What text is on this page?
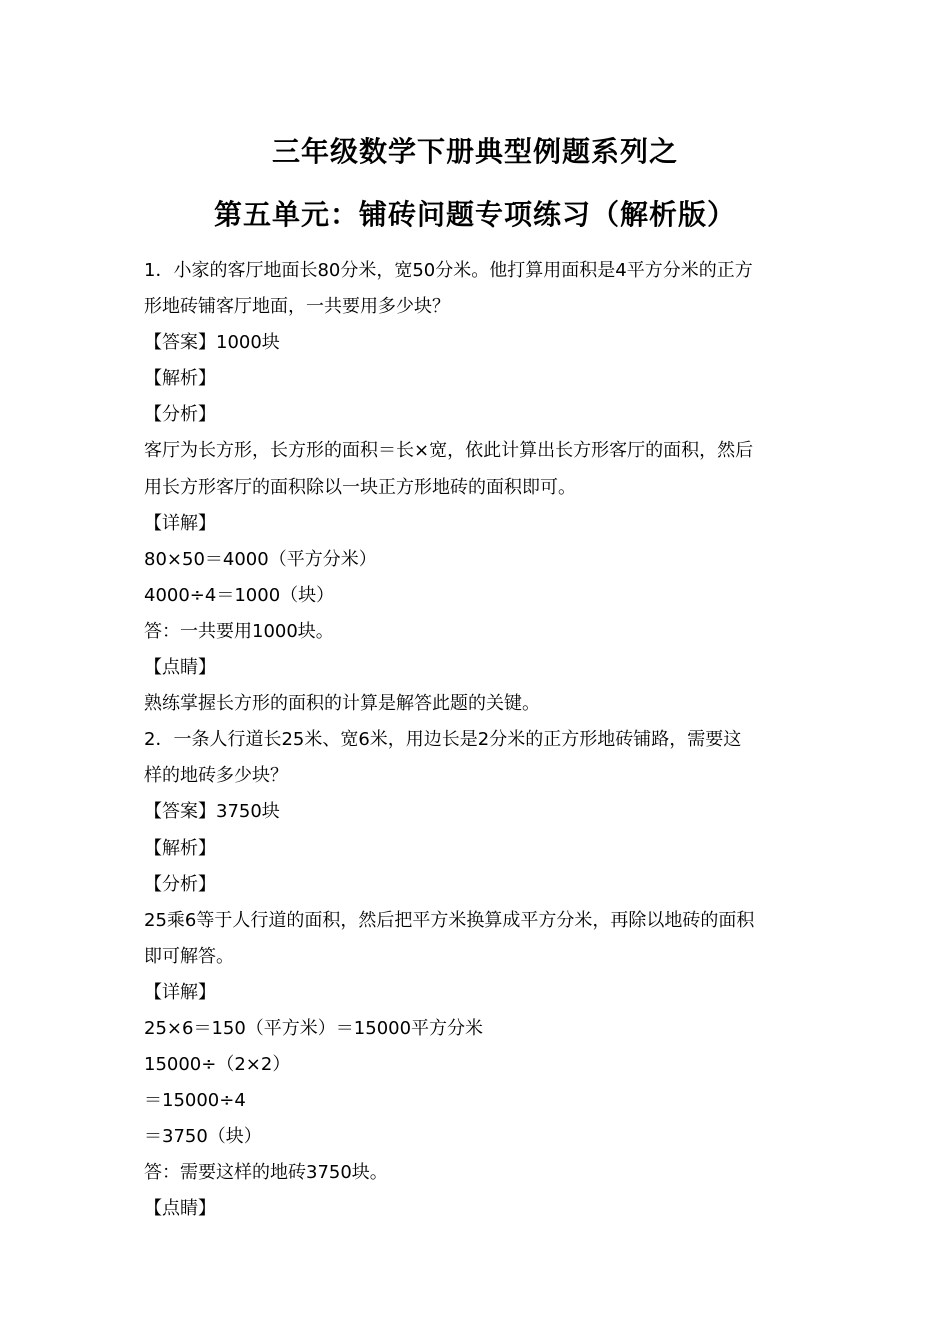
三年级数学下册典型例题系列之
第五单元：铺砖问题专项练习（解析版）
1．小家的客厅地面长80分米，宽50分米。他打算用面积是4平方分米的正方
形地砖铺客厅地面，一共要用多少块？
【答案】1000块
【解析】
【分析】
客厅为长方形，长方形的面积＝长×宽，依此计算出长方形客厅的面积，然后
用长方形客厅的面积除以一块正方形地砖的面积即可。
【详解】
80×50＝4000（平方分米）
4000÷4＝1000（块）
答：一共要用1000块。
【点睛】
熟练掌握长方形的面积的计算是解答此题的关键。
2．一条人行道长25米、宽6米，用边长是2分米的正方形地砖铺路，需要这
样的地砖多少块？
【答案】3750块
【解析】
【分析】
25乘6等于人行道的面积，然后把平方米换算成平方分米，再除以地砖的面积
即可解答。
【详解】
25×6＝150（平方米）＝15000平方分米
15000÷（2×2）
＝15000÷4
＝3750（块）
答：需要这样的地砖3750块。
【点睛】
